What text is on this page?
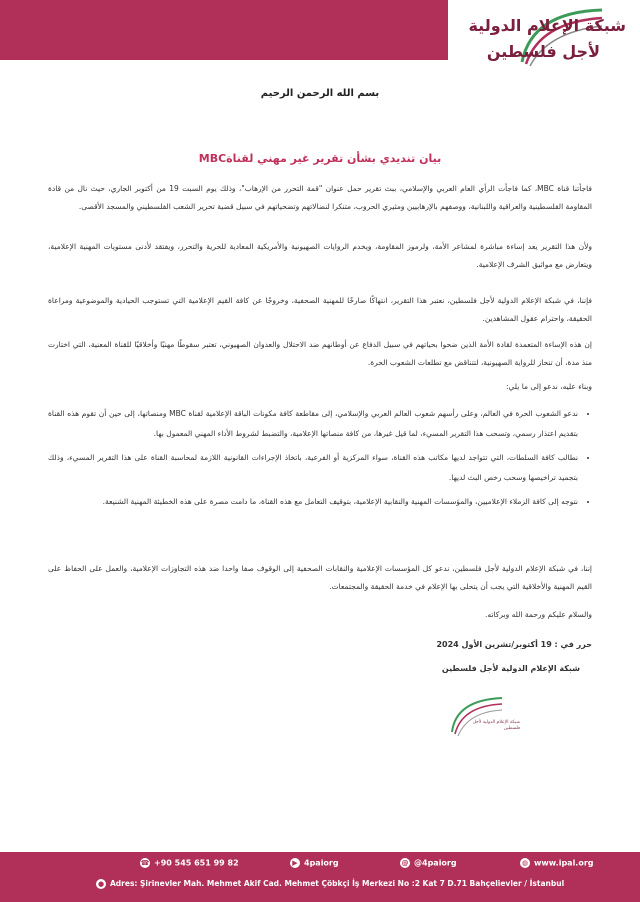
شبكة الإعلام الدولية
لأجل فلسطين
بسم الله الرحمن الرحيم
بيان تنديدي بشأن تقرير غير مهني لقناةMBC
فاجأتنا قناة MBC، كما فاجأت الرأي العام العربي والإسلامي، ببث تقرير حمل عنوان "قمة التحرر من الإرهاب"، وذلك يوم السبت 19 من أكتوبر الجاري، حيث نال من قادة المقاومة الفلسطينية والعراقية واللبنانية، ووصفهم بالإرهابيين ومثيري الحروب، متنكرا لنضالاتهم وتضحياتهم في سبيل قضية تحرير الشعب الفلسطيني والمسجد الأقصى.
ولأن هذا التقرير يعد إساءة مباشرة لمشاعر الأمة، ولرموز المقاومة، ويخدم الروايات الصهيونية والأمريكية المعادية للحرية والتحرر، ويفتقد لأدنى مستويات المهنية الإعلامية، ويتعارض مع مواثيق الشرف الإعلامية.
فإننا، في شبكة الإعلام الدولية لأجل فلسطين، نعتبر هذا التقرير، انتهاكًا صارخًا للمهنية الصحفية، وخروجًا عن كافة القيم الإعلامية التي تستوجب الحيادية والموضوعية ومراعاة الحقيقة، واحترام عقول المشاهدين.
إن هذه الإساءة المتعمدة لقادة الأمة الذين ضحوا بحياتهم في سبيل الدفاع عن أوطانهم ضد الاحتلال والعدوان الصهيوني، تعتبر سقوطًا مهنيًا وأخلاقيًا للقناة المعنية، التي اختارت منذ مدة، أن تنحاز للرواية الصهيونية، لتتناقض مع تطلعات الشعوب الحرة.
وبناء عليه، ندعو إلى ما يلي:
• ندعو الشعوب الحرة في العالم، وعلى رأسهم شعوب العالم العربي والإسلامي، إلى مقاطعة كافة مكونات الباقة الإعلامية لقناة MBC ومنصاتها، إلى حين أن تقوم هذه القناة بتقديم اعتذار رسمي، وتسحب هذا التقرير المسيء، لما قيل غيرها، من كافة منصاتها الإعلامية، والتضبط لشروط الأداء المهني المعمول بها.
• نطالب كافة السلطات، التي تتواجد لديها مكاتب هذه القناة، سواء المركزية أو الفرعية، باتخاذ الإجراءات القانونية اللازمة لمحاسبة القناة على هذا التقرير المسيء، وذلك بتجميد تراخيصها وسحب رخص البث لديها.
• نتوجه إلى كافة الزملاء الإعلاميين، والمؤسسات المهنية والنقابية الإعلامية، بتوقيف التعامل مع هذه القناة، ما دامت مصرة على هذه الخطيئة المهنية الشنيعة.
إننا، في شبكة الإعلام الدولية لأجل فلسطين، ندعو كل المؤسسات الإعلامية والنقابات الصحفية إلى الوقوف صفا واحدا ضد هذه التجاوزات الإعلامية، والعمل على الحفاظ على القيم المهنية والأخلاقية التي يجب أن يتحلى بها الإعلام في خدمة الحقيقة والمجتمعات.
والسلام عليكم ورحمة الله وبركاته.
حرر في : 19 أكتوبر/تشرين الأول 2024
شبكة الإعلام الدولية لأجل فلسطين
شبكة الإعلام الدولية لأجل فلسطين
☎ +90 545 651 99 82	▶ 4paiorg	@ @4paiorg	◍ www.ipal.org
● Adres: Şirinevler Mah. Mehmet Akif Cad. Mehmet Çöbkçi İş Merkezi No :2 Kat 7 D.71 Bahçelievler / İstanbul
